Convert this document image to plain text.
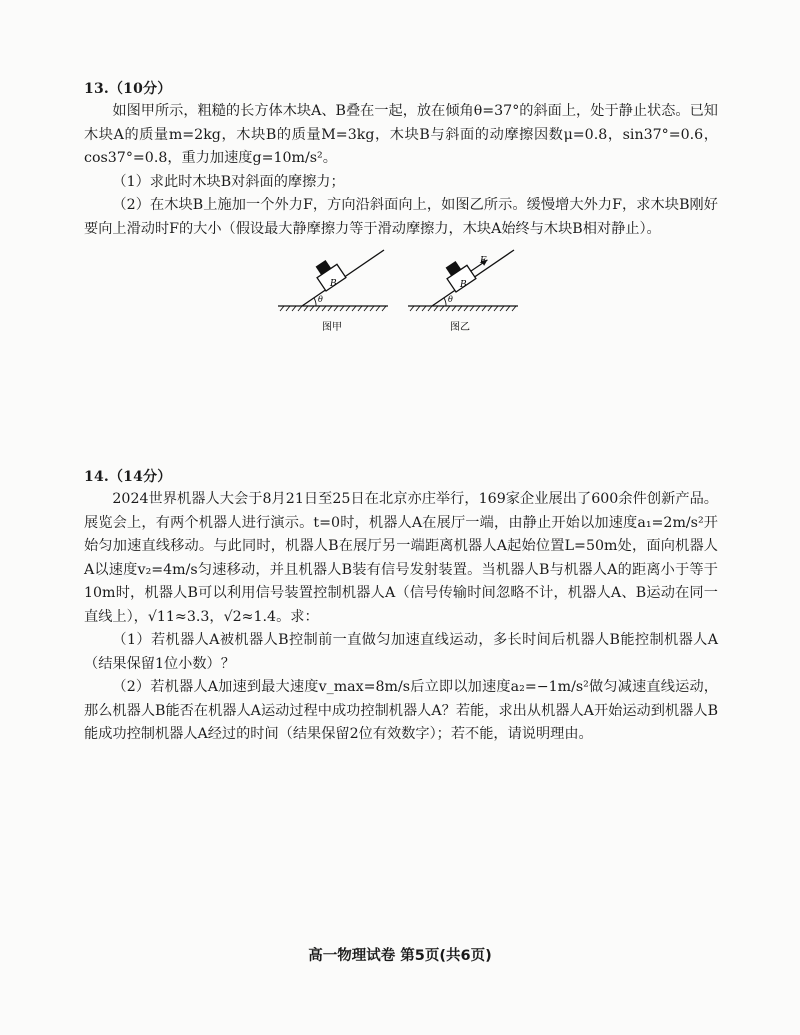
13.（10分）

如图甲所示，粗糙的长方体木块A、B叠在一起，放在倾角θ=37°的斜面上，处于静止状态。已知木块A的质量m=2kg，木块B的质量M=3kg，木块B与斜面的动摩擦因数μ=0.8，sin37°=0.6，cos37°=0.8，重力加速度g=10m/s²。

（1）求此时木块B对斜面的摩擦力；

（2）在木块B上施加一个外力F，方向沿斜面向上，如图乙所示。缓慢增大外力F，求木块B刚好要向上滑动时F的大小（假设最大静摩擦力等于滑动摩擦力，木块A始终与木块B相对静止）。

B
θ
图甲
B
F
θ
图乙
14.（14分）

2024世界机器人大会于8月21日至25日在北京亦庄举行，169家企业展出了600余件创新产品。展览会上，有两个机器人进行演示。t=0时，机器人A在展厅一端，由静止开始以加速度a₁=2m/s²开始匀加速直线移动。与此同时，机器人B在展厅另一端距离机器人A起始位置L=50m处，面向机器人A以速度v₂=4m/s匀速移动，并且机器人B装有信号发射装置。当机器人B与机器人A的距离小于等于10m时，机器人B可以利用信号装置控制机器人A（信号传输时间忽略不计，机器人A、B运动在同一直线上），√11≈3.3，√2≈1.4。求：

（1）若机器人A被机器人B控制前一直做匀加速直线运动，多长时间后机器人B能控制机器人A（结果保留1位小数）？

（2）若机器人A加速到最大速度v_max=8m/s后立即以加速度a₂=−1m/s²做匀减速直线运动，那么机器人B能否在机器人A运动过程中成功控制机器人A？若能，求出从机器人A开始运动到机器人B能成功控制机器人A经过的时间（结果保留2位有效数字）；若不能，请说明理由。

高一物理试卷 第5页(共6页)
